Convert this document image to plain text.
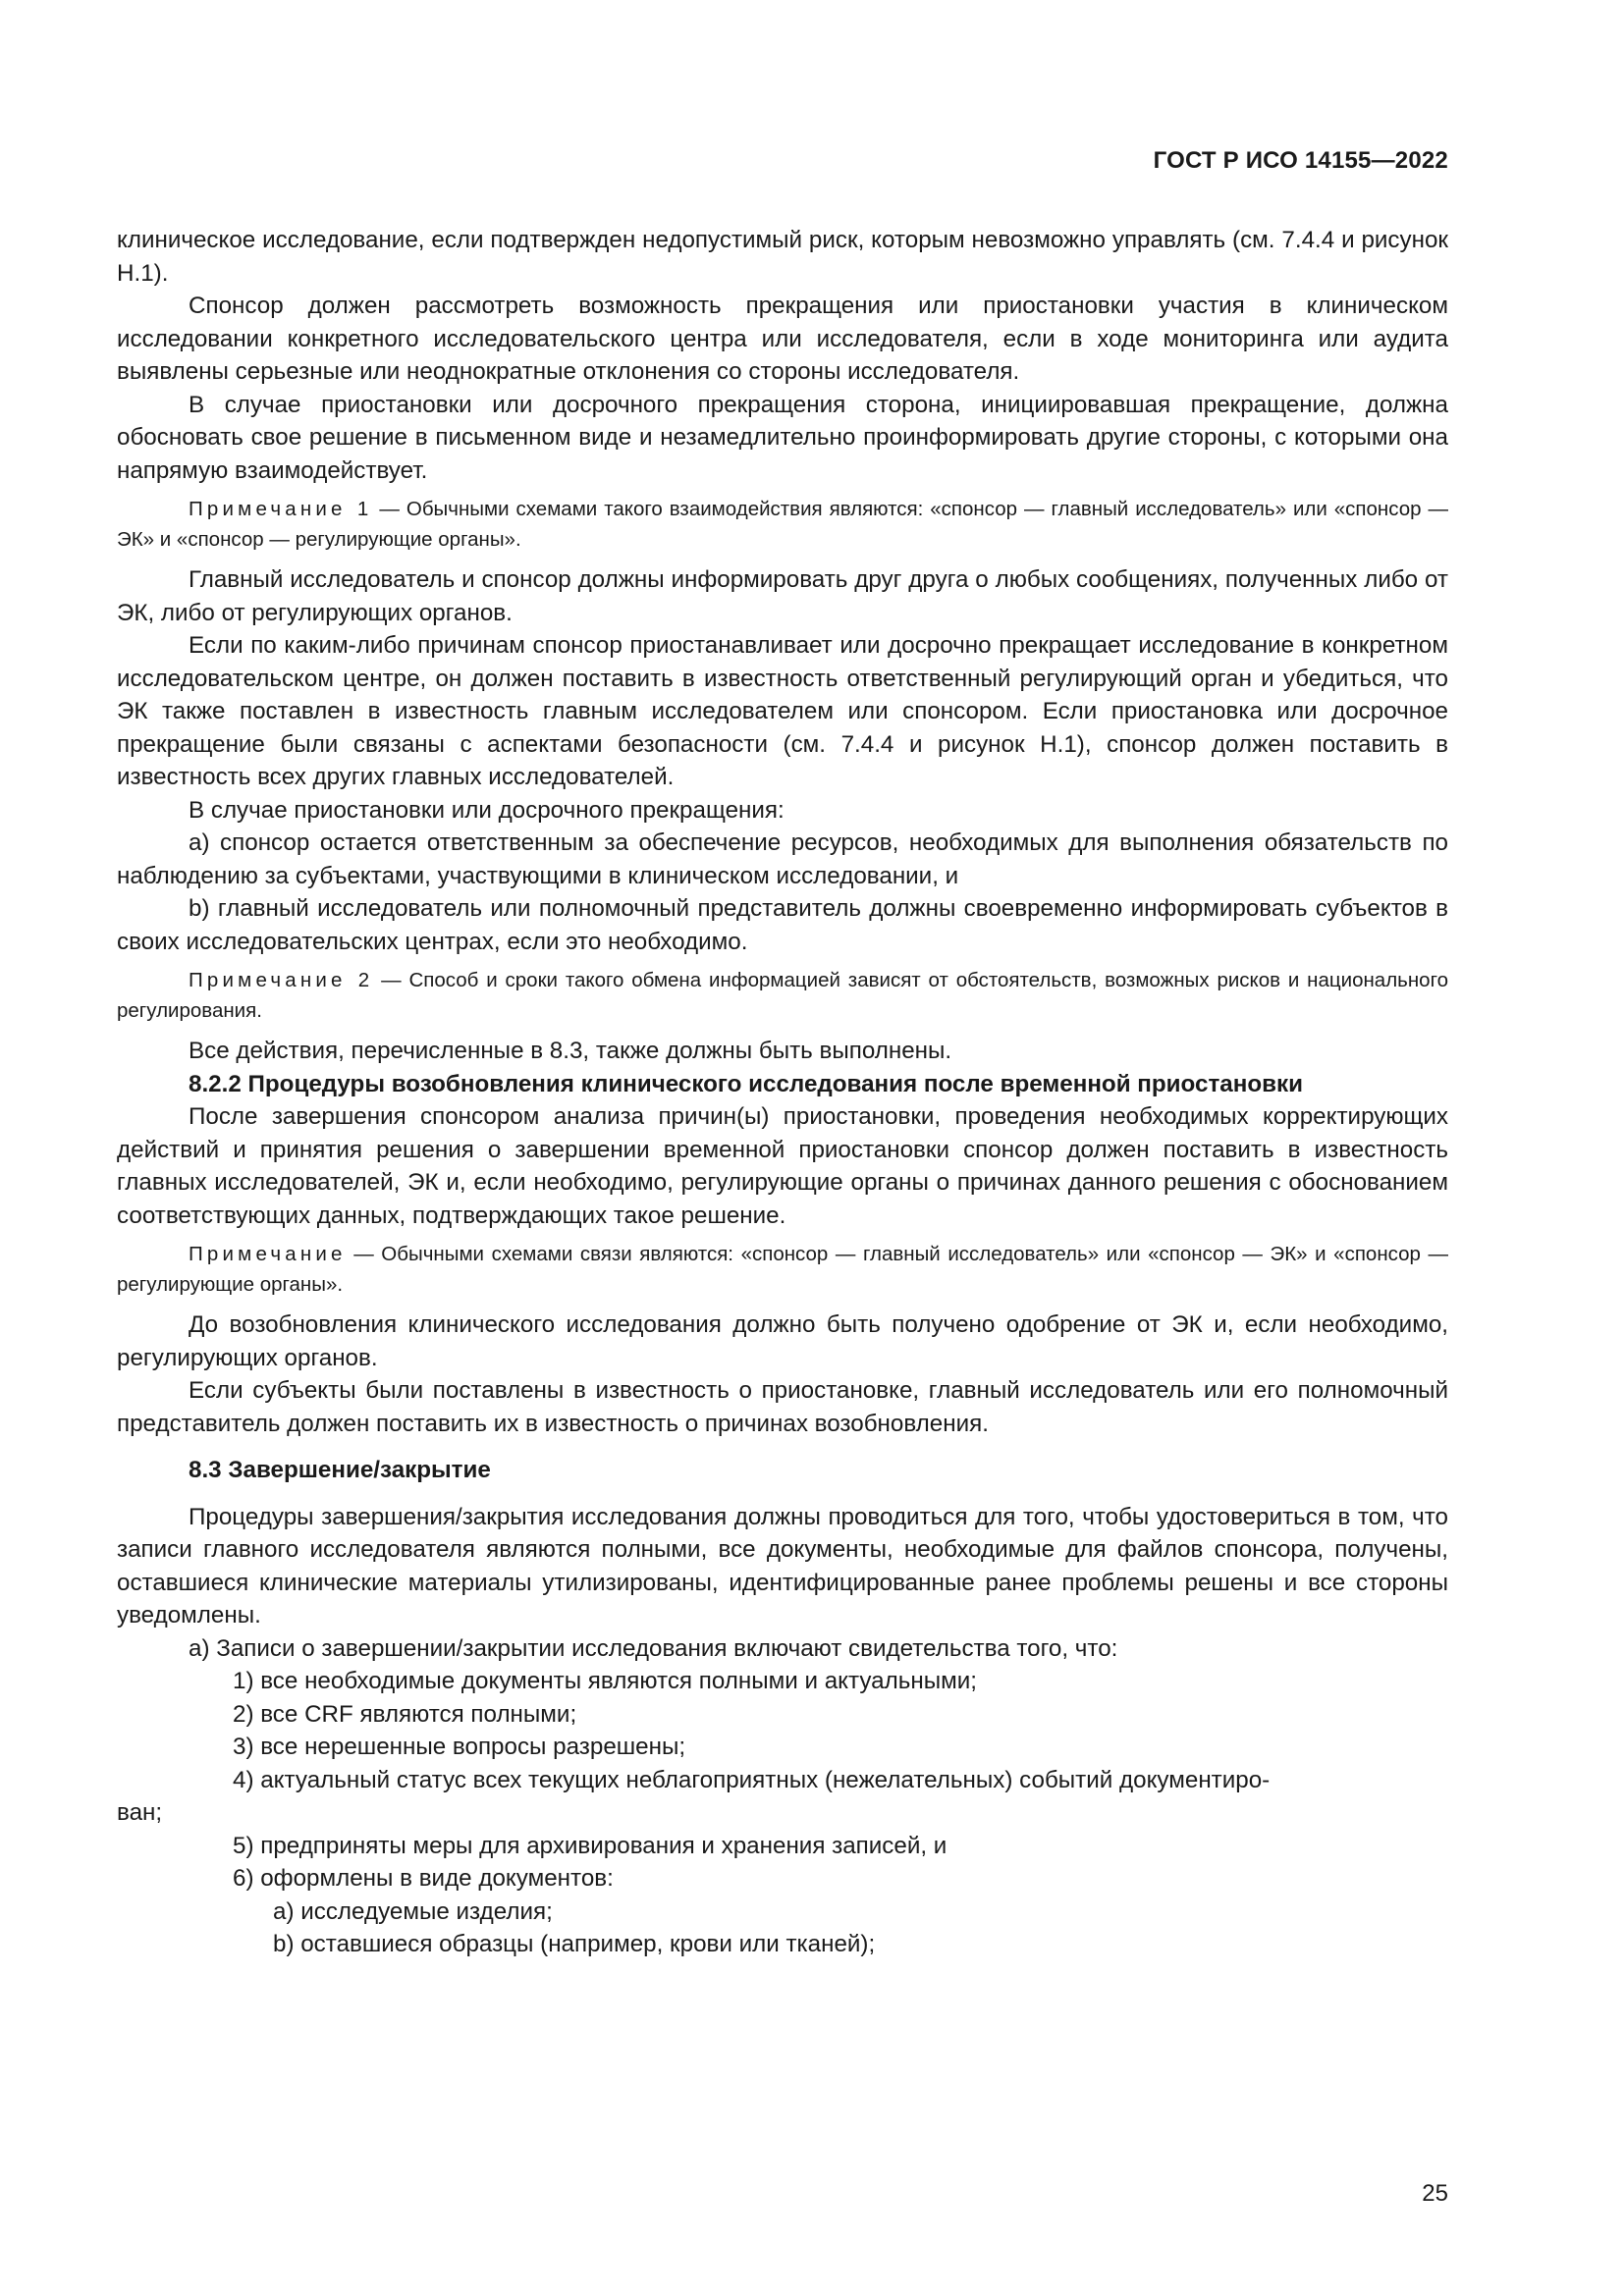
ГОСТ Р ИСО 14155—2022

клиническое исследование, если подтвержден недопустимый риск, которым невозможно управлять (см. 7.4.4 и рисунок Н.1).

Спонсор должен рассмотреть возможность прекращения или приостановки участия в клиническом исследовании конкретного исследовательского центра или исследователя, если в ходе мониторинга или аудита выявлены серьезные или неоднократные отклонения со стороны исследователя.

В случае приостановки или досрочного прекращения сторона, инициировавшая прекращение, должна обосновать свое решение в письменном виде и незамедлительно проинформировать другие стороны, с которыми она напрямую взаимодействует.

Примечание 1 — Обычными схемами такого взаимодействия являются: «спонсор — главный исследователь» или «спонсор — ЭК» и «спонсор — регулирующие органы».

Главный исследователь и спонсор должны информировать друг друга о любых сообщениях, полученных либо от ЭК, либо от регулирующих органов.

Если по каким-либо причинам спонсор приостанавливает или досрочно прекращает исследование в конкретном исследовательском центре, он должен поставить в известность ответственный регулирующий орган и убедиться, что ЭК также поставлен в известность главным исследователем или спонсором. Если приостановка или досрочное прекращение были связаны с аспектами безопасности (см. 7.4.4 и рисунок Н.1), спонсор должен поставить в известность всех других главных исследователей.

В случае приостановки или досрочного прекращения:

a) спонсор остается ответственным за обеспечение ресурсов, необходимых для выполнения обязательств по наблюдению за субъектами, участвующими в клиническом исследовании, и

b) главный исследователь или полномочный представитель должны своевременно информировать субъектов в своих исследовательских центрах, если это необходимо.

Примечание 2 — Способ и сроки такого обмена информацией зависят от обстоятельств, возможных рисков и национального регулирования.

Все действия, перечисленные в 8.3, также должны быть выполнены.

8.2.2 Процедуры возобновления клинического исследования после временной приостановки

После завершения спонсором анализа причин(ы) приостановки, проведения необходимых корректирующих действий и принятия решения о завершении временной приостановки спонсор должен поставить в известность главных исследователей, ЭК и, если необходимо, регулирующие органы о причинах данного решения с обоснованием соответствующих данных, подтверждающих такое решение.

Примечание — Обычными схемами связи являются: «спонсор — главный исследователь» или «спонсор — ЭК» и «спонсор — регулирующие органы».

До возобновления клинического исследования должно быть получено одобрение от ЭК и, если необходимо, регулирующих органов.

Если субъекты были поставлены в известность о приостановке, главный исследователь или его полномочный представитель должен поставить их в известность о причинах возобновления.

8.3 Завершение/закрытие

Процедуры завершения/закрытия исследования должны проводиться для того, чтобы удостовериться в том, что записи главного исследователя являются полными, все документы, необходимые для файлов спонсора, получены, оставшиеся клинические материалы утилизированы, идентифицированные ранее проблемы решены и все стороны уведомлены.

a) Записи о завершении/закрытии исследования включают свидетельства того, что:

1) все необходимые документы являются полными и актуальными;

2) все CRF являются полными;

3) все нерешенные вопросы разрешены;

4) актуальный статус всех текущих неблагоприятных (нежелательных) событий документиро-

ван;

5) предприняты меры для архивирования и хранения записей, и

6) оформлены в виде документов:

a) исследуемые изделия;

b) оставшиеся образцы (например, крови или тканей);

25
